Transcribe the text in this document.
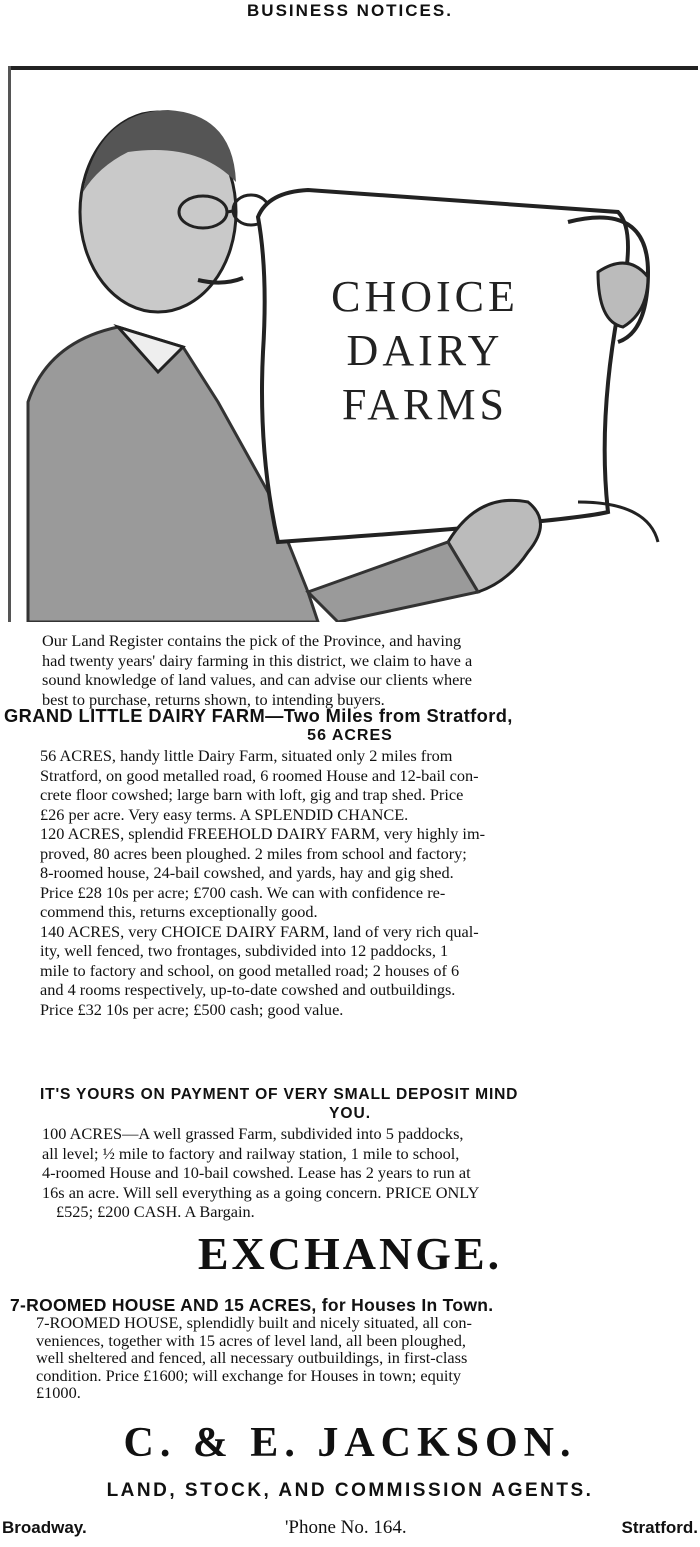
BUSINESS NOTICES.
CHOICE
DAIRY
FARMS

Our Land Register contains the pick of the Province, and having

had twenty years' dairy farming in this district, we claim to have a

sound knowledge of land values, and can advise our clients where

best to purchase, returns shown, to intending buyers.

GRAND LITTLE DAIRY FARM—Two Miles from Stratford,
56 ACRES

56 ACRES, handy little Dairy Farm, situated only 2 miles from

Stratford, on good metalled road, 6 roomed House and 12-bail con-

crete floor cowshed; large barn with loft, gig and trap shed. Price

£26 per acre. Very easy terms. A SPLENDID CHANCE.

120 ACRES, splendid FREEHOLD DAIRY FARM, very highly im-

proved, 80 acres been ploughed. 2 miles from school and factory;

8-roomed house, 24-bail cowshed, and yards, hay and gig shed.

Price £28 10s per acre; £700 cash. We can with confidence re-

commend this, returns exceptionally good.

140 ACRES, very CHOICE DAIRY FARM, land of very rich qual-

ity, well fenced, two frontages, subdivided into 12 paddocks, 1

mile to factory and school, on good metalled road; 2 houses of 6

and 4 rooms respectively, up-to-date cowshed and outbuildings.

Price £32 10s per acre; £500 cash; good value.

IT'S YOURS ON PAYMENT OF VERY SMALL DEPOSIT MIND
YOU.

100 ACRES—A well grassed Farm, subdivided into 5 paddocks,

all level; ½ mile to factory and railway station, 1 mile to school,

4-roomed House and 10-bail cowshed. Lease has 2 years to run at

16s an acre. Will sell everything as a going concern. PRICE ONLY

£525; £200 CASH. A Bargain.

EXCHANGE.
7-ROOMED HOUSE AND 15 ACRES, for Houses In Town.

7-ROOMED HOUSE, splendidly built and nicely situated, all con-

veniences, together with 15 acres of level land, all been ploughed,

well sheltered and fenced, all necessary outbuildings, in first-class

condition. Price £1600; will exchange for Houses in town; equity

£1000.

C. & E. JACKSON.
LAND, STOCK, AND COMMISSION AGENTS.
Broadway.	'Phone No. 164.	Stratford.
